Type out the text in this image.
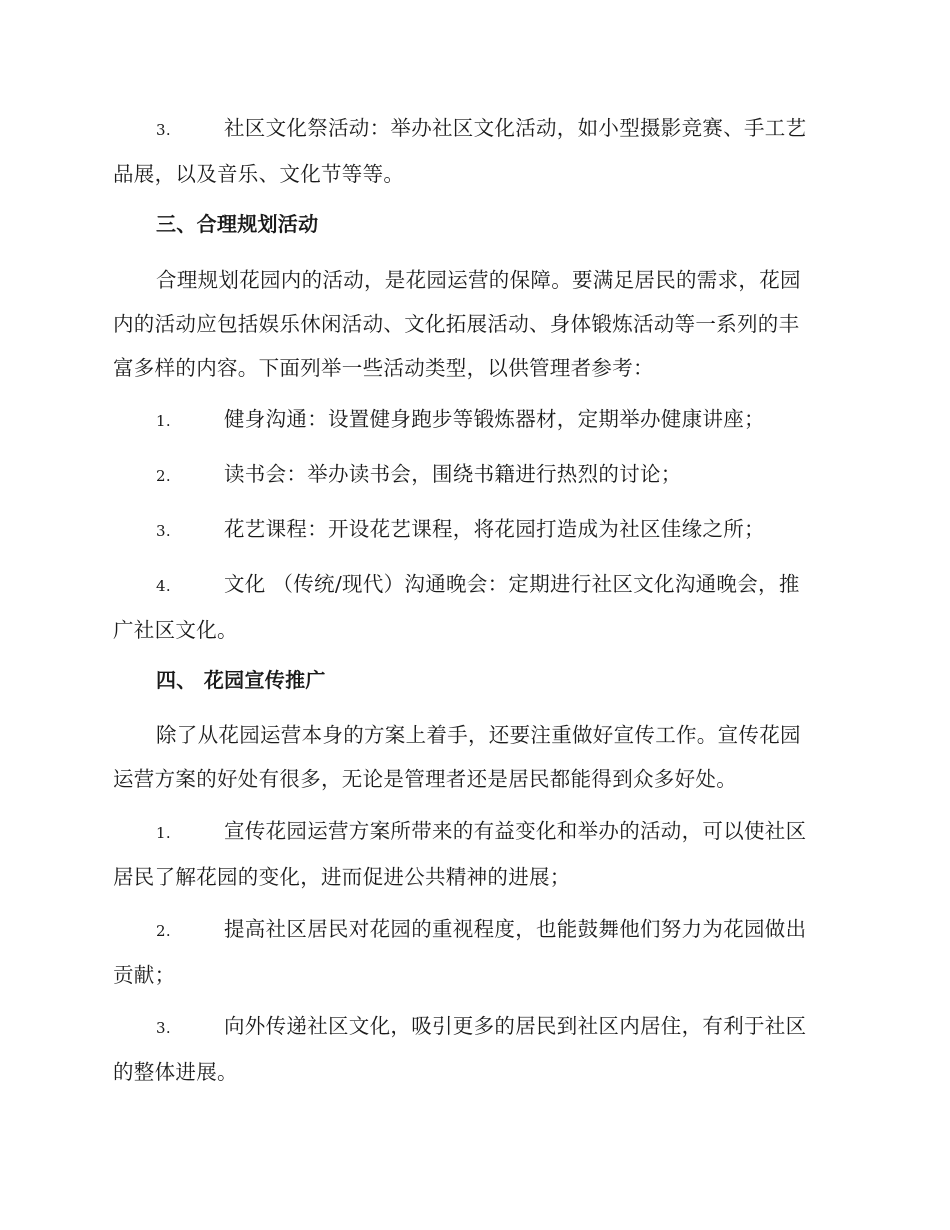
3.	社区文化祭活动：举办社区文化活动，如小型摄影竞赛、手工艺
品展，以及音乐、文化节等等。
三、合理规划活动
合理规划花园内的活动，是花园运营的保障。要满足居民的需求，花园
内的活动应包括娱乐休闲活动、文化拓展活动、身体锻炼活动等一系列的丰
富多样的内容。下面列举一些活动类型，以供管理者参考：
1.	健身沟通：设置健身跑步等锻炼器材，定期举办健康讲座；
2.	读书会：举办读书会，围绕书籍进行热烈的讨论；
3.	花艺课程：开设花艺课程，将花园打造成为社区佳缘之所；
4.	文化 （传统/现代）沟通晚会：定期进行社区文化沟通晚会，推
广社区文化。
四、 花园宣传推广
除了从花园运营本身的方案上着手，还要注重做好宣传工作。宣传花园
运营方案的好处有很多，无论是管理者还是居民都能得到众多好处。
1.	宣传花园运营方案所带来的有益变化和举办的活动，可以使社区
居民了解花园的变化，进而促进公共精神的进展；
2.	提高社区居民对花园的重视程度，也能鼓舞他们努力为花园做出
贡献；
3.	向外传递社区文化，吸引更多的居民到社区内居住，有利于社区
的整体进展。
